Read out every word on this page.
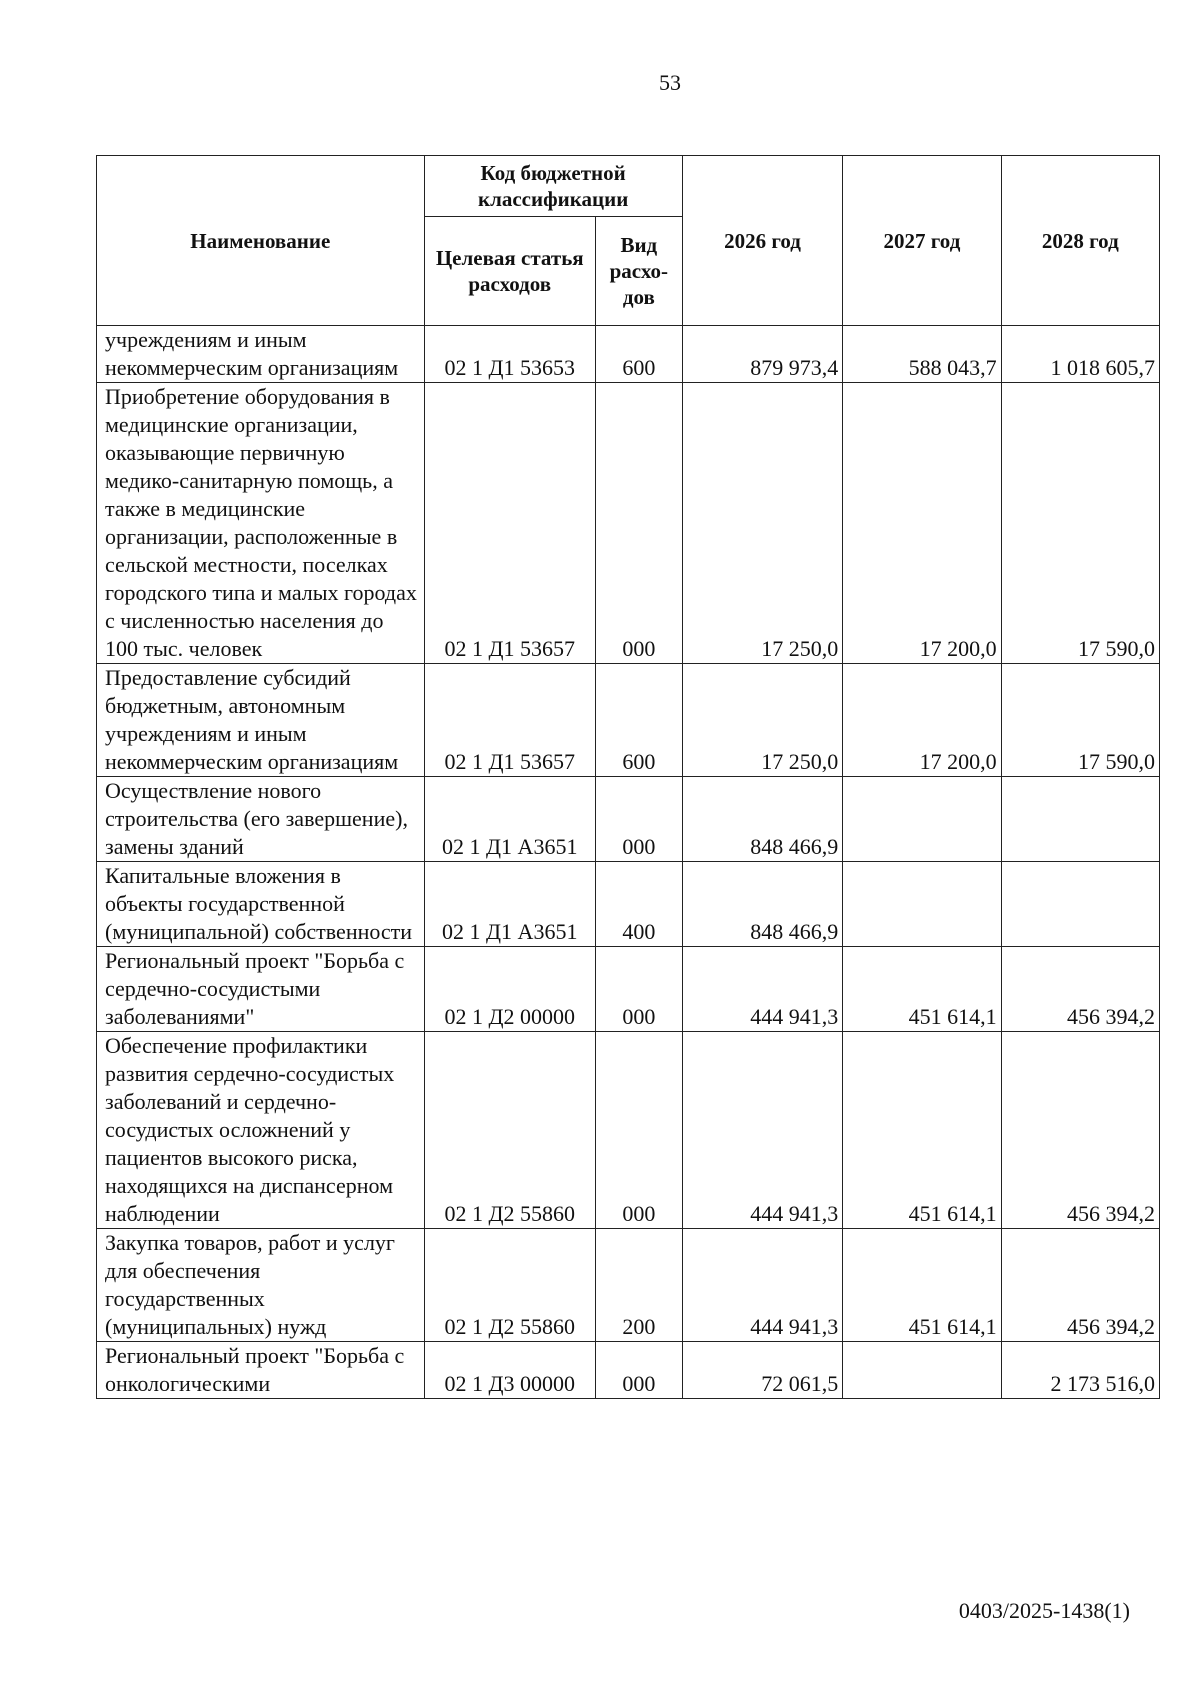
53
Наименование	Код бюджетной классификации		2026 год	2027 год	2028 год
	Целевая статья расходов	Вид расхо-дов			
учреждениям и иным некоммерческим организациям	02 1 Д1 53653	600	879 973,4	588 043,7	1 018 605,7
Приобретение оборудования в медицинские организации, оказывающие первичную медико-санитарную помощь, а также в медицинские организации, расположенные в сельской местности, поселках городского типа и малых городах с численностью населения до 100 тыс. человек	02 1 Д1 53657	000	17 250,0	17 200,0	17 590,0
Предоставление субсидий бюджетным, автономным учреждениям и иным некоммерческим организациям	02 1 Д1 53657	600	17 250,0	17 200,0	17 590,0
Осуществление нового строительства (его завершение), замены зданий	02 1 Д1 А3651	000	848 466,9		
Капитальные вложения в объекты государственной (муниципальной) собственности	02 1 Д1 А3651	400	848 466,9		
Региональный проект "Борьба с сердечно-сосудистыми заболеваниями"	02 1 Д2 00000	000	444 941,3	451 614,1	456 394,2
Обеспечение профилактики развития сердечно-сосудистых заболеваний и сердечно-сосудистых осложнений у пациентов высокого риска, находящихся на диспансерном наблюдении	02 1 Д2 55860	000	444 941,3	451 614,1	456 394,2
Закупка товаров, работ и услуг для обеспечения государственных (муниципальных) нужд	02 1 Д2 55860	200	444 941,3	451 614,1	456 394,2
Региональный проект "Борьба с онкологическими	02 1 Д3 00000	000	72 061,5		2 173 516,0
0403/2025-1438(1)
